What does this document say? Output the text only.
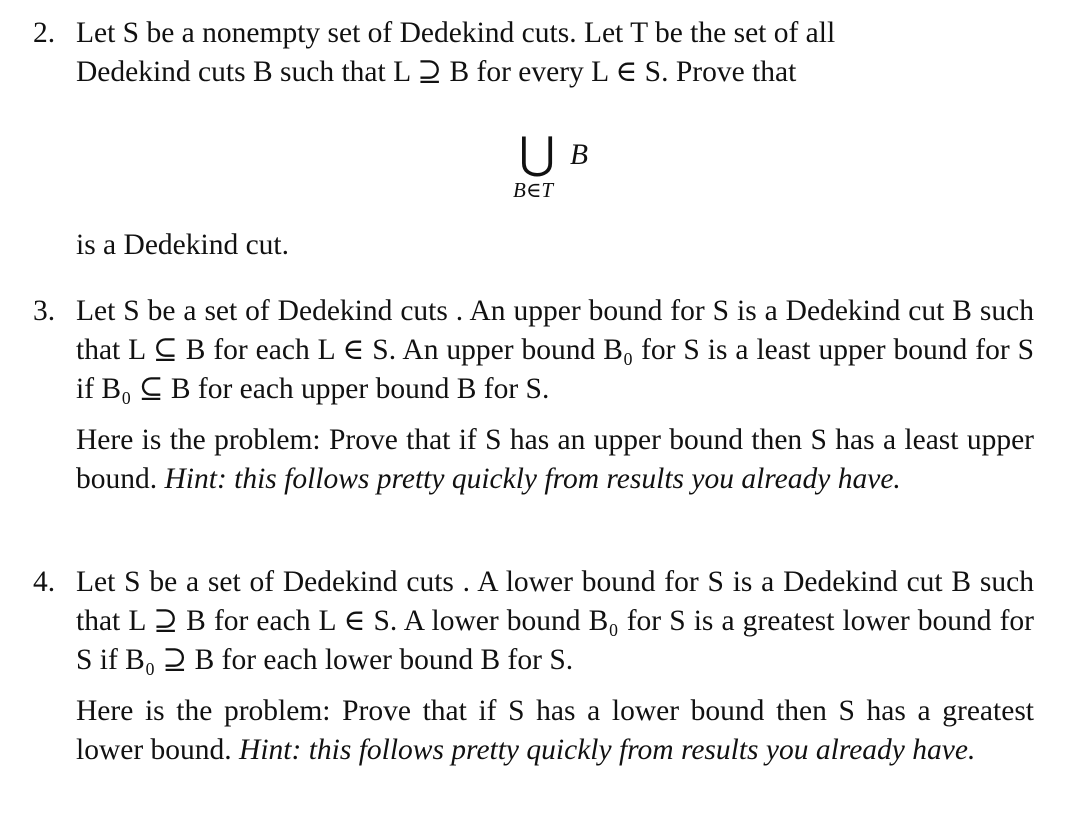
2. Let S be a nonempty set of Dedekind cuts. Let T be the set of all
Dedekind cuts B such that L ⊇ B for every L ∈ S. Prove that
⋃ B
B∈T
is a Dedekind cut.
3. Let S be a set of Dedekind cuts . An upper bound for S is a Dedekind cut B such that L ⊆ B for each L ∈ S. An upper bound B₀ for S is a least upper bound for S if B₀ ⊆ B for each upper bound B for S.
Here is the problem: Prove that if S has an upper bound then S has a least upper bound. Hint: this follows pretty quickly from results you already have.
4. Let S be a set of Dedekind cuts . A lower bound for S is a Dedekind cut B such that L ⊇ B for each L ∈ S. A lower bound B₀ for S is a greatest lower bound for S if B₀ ⊇ B for each lower bound B for S.
Here is the problem: Prove that if S has a lower bound then S has a greatest lower bound. Hint: this follows pretty quickly from results you already have.
